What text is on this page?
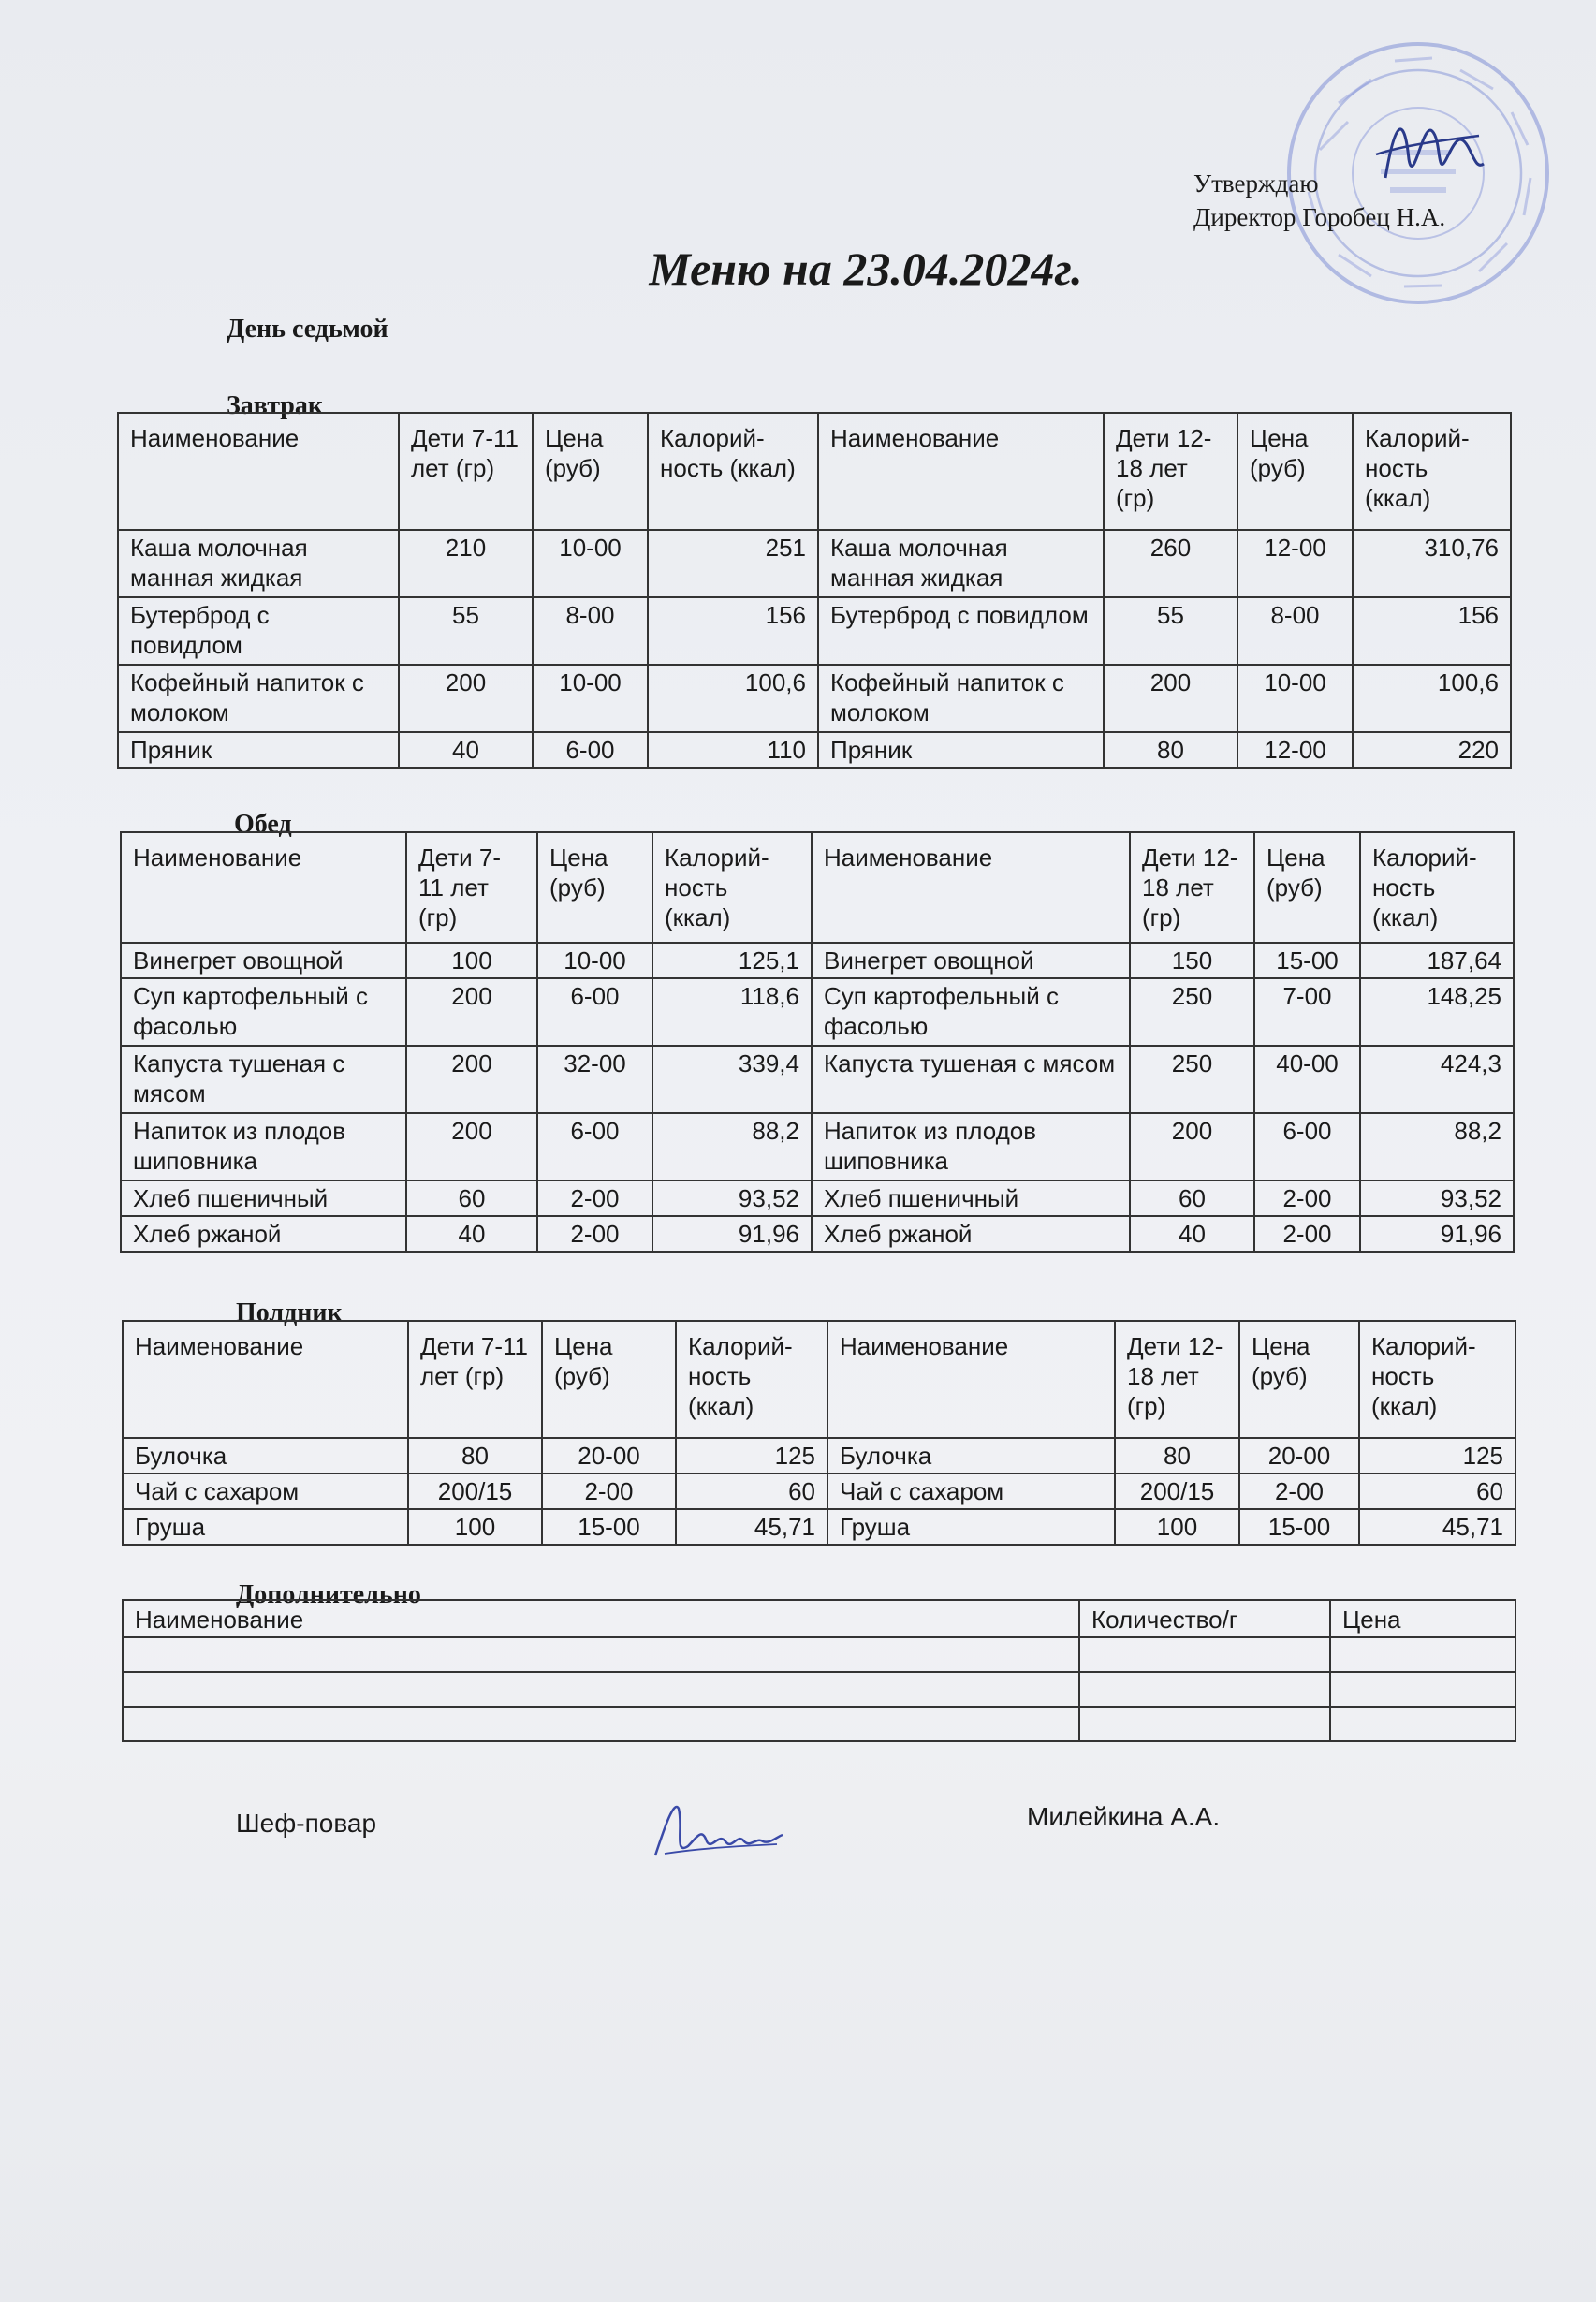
Утверждаю
Директор Горобец Н.А.
Меню на 23.04.2024г.
День седьмой
Завтрак
Наименование	Дети 7-11 лет (гр)	Цена (руб)	Калорий-ность (ккал)	Наименование	Дети 12-18 лет (гр)	Цена (руб)	Калорий-ность (ккал)
Каша молочная манная жидкая	210	10-00	251	Каша молочная манная жидкая	260	12-00	310,76
Бутерброд с повидлом	55	8-00	156	Бутерброд с повидлом	55	8-00	156
Кофейный напиток с молоком	200	10-00	100,6	Кофейный напиток с молоком	200	10-00	100,6
Пряник	40	6-00	110	Пряник	80	12-00	220
Обед
Наименование	Дети 7-11 лет (гр)	Цена (руб)	Калорий-ность (ккал)	Наименование	Дети 12-18 лет (гр)	Цена (руб)	Калорий-ность (ккал)
Винегрет овощной	100	10-00	125,1	Винегрет овощной	150	15-00	187,64
Суп картофельный с фасолью	200	6-00	118,6	Суп картофельный с фасолью	250	7-00	148,25
Капуста тушеная с мясом	200	32-00	339,4	Капуста тушеная с мясом	250	40-00	424,3
Напиток из плодов шиповника	200	6-00	88,2	Напиток из плодов шиповника	200	6-00	88,2
Хлеб пшеничный	60	2-00	93,52	Хлеб пшеничный	60	2-00	93,52
Хлеб ржаной	40	2-00	91,96	Хлеб ржаной	40	2-00	91,96
Полдник
Наименование	Дети 7-11 лет (гр)	Цена (руб)	Калорий-ность (ккал)	Наименование	Дети 12-18 лет (гр)	Цена (руб)	Калорий-ность (ккал)
Булочка	80	20-00	125	Булочка	80	20-00	125
Чай с сахаром	200/15	2-00	60	Чай с сахаром	200/15	2-00	60
Груша	100	15-00	45,71	Груша	100	15-00	45,71
Дополнительно
Наименование	Количество/г	Цена

Шеф-повар	Милейкина А.А.
